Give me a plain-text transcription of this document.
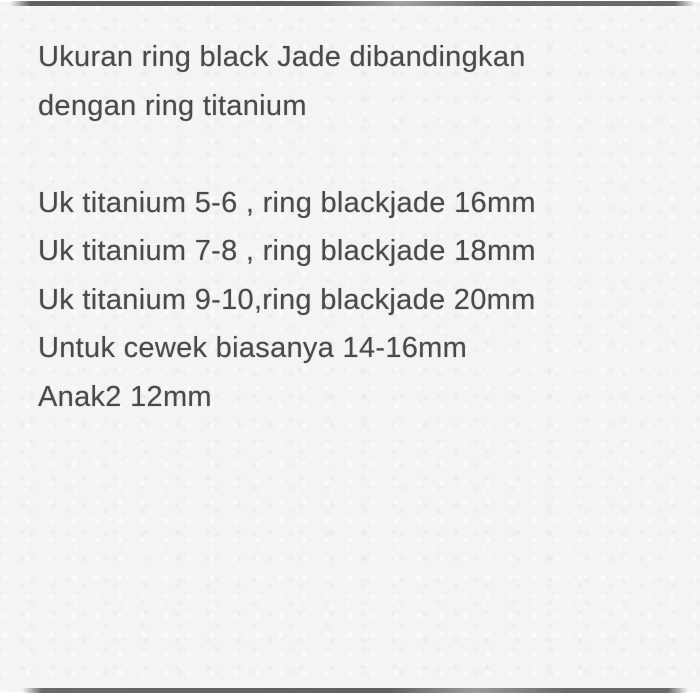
Ukuran ring black Jade dibandingkan

dengan ring titanium

Uk titanium 5-6 , ring blackjade 16mm

Uk titanium 7-8 , ring blackjade 18mm

Uk titanium 9-10,ring blackjade 20mm

Untuk cewek biasanya 14-16mm

Anak2 12mm
